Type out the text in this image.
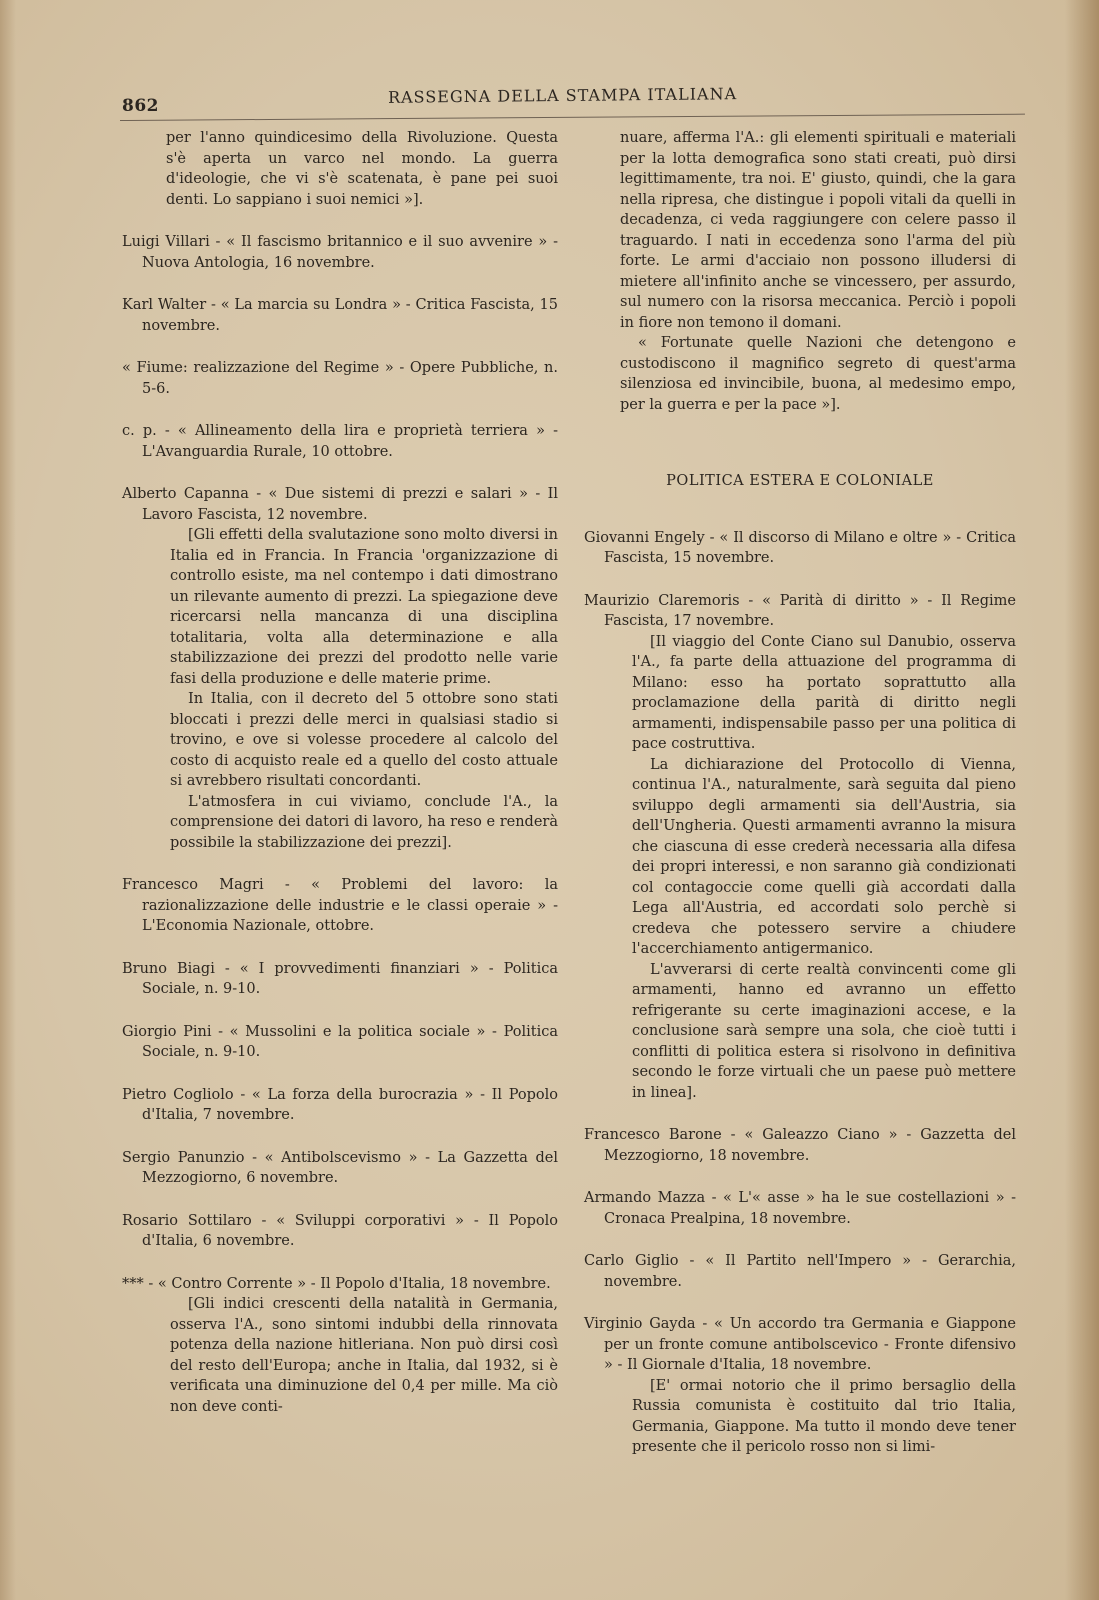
862	RASSEGNA DELLA STAMPA ITALIANA

per l'anno quindicesimo della Rivoluzione. Questa s'è aperta un varco nel mondo. La guerra d'ideologie, che vi s'è scatenata, è pane pei suoi denti. Lo sappiano i suoi nemici »].

Luigi Villari - « Il fascismo britannico e il suo avvenire » - Nuova Antologia, 16 novembre.

Karl Walter - « La marcia su Londra » - Critica Fascista, 15 novembre.

« Fiume: realizzazione del Regime » - Opere Pubbliche, n. 5-6.

c. p. - « Allineamento della lira e proprietà terriera » - L'Avanguardia Rurale, 10 ottobre.

Alberto Capanna - « Due sistemi di prezzi e salari » - Il Lavoro Fascista, 12 novembre.

[Gli effetti della svalutazione sono molto diversi in Italia ed in Francia. In Francia 'organizzazione di controllo esiste, ma nel contempo i dati dimostrano un rilevante aumento di prezzi. La spiegazione deve ricercarsi nella mancanza di una disciplina totalitaria, volta alla determinazione e alla stabilizzazione dei prezzi del prodotto nelle varie fasi della produzione e delle materie prime.

In Italia, con il decreto del 5 ottobre sono stati bloccati i prezzi delle merci in qualsiasi stadio si trovino, e ove si volesse procedere al calcolo del costo di acquisto reale ed a quello del costo attuale si avrebbero risultati concordanti.

L'atmosfera in cui viviamo, conclude l'A., la comprensione dei datori di lavoro, ha reso e renderà possibile la stabilizzazione dei prezzi].

Francesco Magri - « Problemi del lavoro: la razionalizzazione delle industrie e le classi operaie » - L'Economia Nazionale, ottobre.

Bruno Biagi - « I provvedimenti finanziari » - Politica Sociale, n. 9-10.

Giorgio Pini - « Mussolini e la politica sociale » - Politica Sociale, n. 9-10.

Pietro Cogliolo - « La forza della burocrazia » - Il Popolo d'Italia, 7 novembre.

Sergio Panunzio - « Antibolscevismo » - La Gazzetta del Mezzogiorno, 6 novembre.

Rosario Sottilaro - « Sviluppi corporativi » - Il Popolo d'Italia, 6 novembre.

*** - « Contro Corrente » - Il Popolo d'Italia, 18 novembre.

[Gli indici crescenti della natalità in Germania, osserva l'A., sono sintomi indubbi della rinnovata potenza della nazione hitleriana. Non può dirsi così del resto dell'Europa; anche in Italia, dal 1932, si è verificata una diminuzione del 0,4 per mille. Ma ciò non deve conti-

nuare, afferma l'A.: gli elementi spirituali e materiali per la lotta demografica sono stati creati, può dirsi legittimamente, tra noi. E' giusto, quindi, che la gara nella ripresa, che distingue i popoli vitali da quelli in decadenza, ci veda raggiungere con celere passo il traguardo. I nati in eccedenza sono l'arma del più forte. Le armi d'acciaio non possono illudersi di mietere all'infinito anche se vincessero, per assurdo, sul numero con la risorsa meccanica. Perciò i popoli in fiore non temono il domani.

« Fortunate quelle Nazioni che detengono e custodiscono il magnifico segreto di quest'arma silenziosa ed invincibile, buona, al medesimo empo, per la guerra e per la pace »].

POLITICA ESTERA E COLONIALE

Giovanni Engely - « Il discorso di Milano e oltre » - Critica Fascista, 15 novembre.

Maurizio Claremoris - « Parità di diritto » - Il Regime Fascista, 17 novembre.

[Il viaggio del Conte Ciano sul Danubio, osserva l'A., fa parte della attuazione del programma di Milano: esso ha portato soprattutto alla proclamazione della parità di diritto negli armamenti, indispensabile passo per una politica di pace costruttiva.

La dichiarazione del Protocollo di Vienna, continua l'A., naturalmente, sarà seguita dal pieno sviluppo degli armamenti sia dell'Austria, sia dell'Ungheria. Questi armamenti avranno la misura che ciascuna di esse crederà necessaria alla difesa dei propri interessi, e non saranno già condizionati col contagoccie come quelli già accordati dalla Lega all'Austria, ed accordati solo perchè si credeva che potessero servire a chiudere l'accerchiamento antigermanico.

L'avverarsi di certe realtà convincenti come gli armamenti, hanno ed avranno un effetto refrigerante su certe imaginazioni accese, e la conclusione sarà sempre una sola, che cioè tutti i conflitti di politica estera si risolvono in definitiva secondo le forze virtuali che un paese può mettere in linea].

Francesco Barone - « Galeazzo Ciano » - Gazzetta del Mezzogiorno, 18 novembre.

Armando Mazza - « L'« asse » ha le sue costellazioni » - Cronaca Prealpina, 18 novembre.

Carlo Giglio - « Il Partito nell'Impero » - Gerarchia, novembre.

Virginio Gayda - « Un accordo tra Germania e Giappone per un fronte comune antibolscevico - Fronte difensivo » - Il Giornale d'Italia, 18 novembre.

[E' ormai notorio che il primo bersaglio della Russia comunista è costituito dal trio Italia, Germania, Giappone. Ma tutto il mondo deve tener presente che il pericolo rosso non si limi-
